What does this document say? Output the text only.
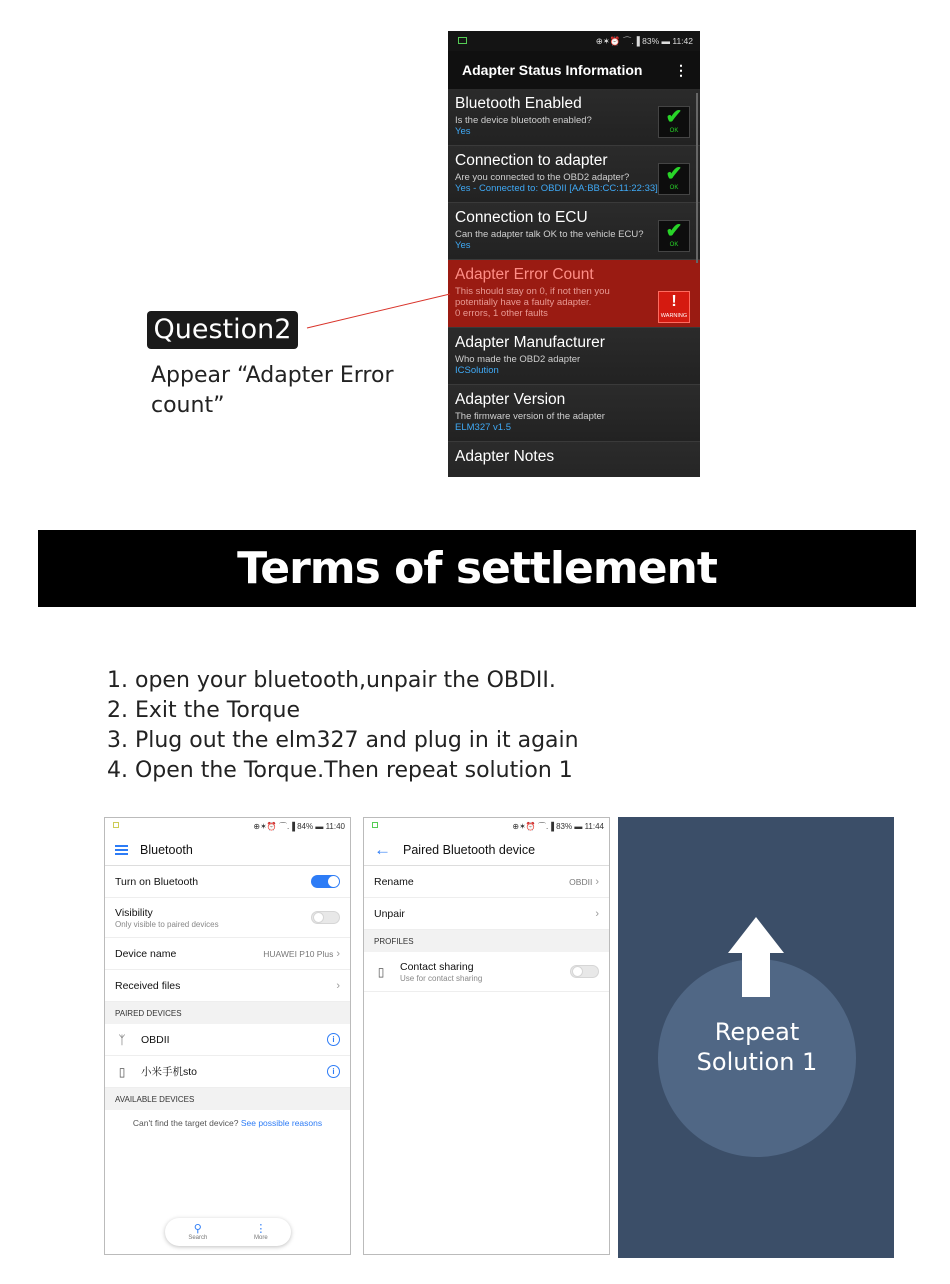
⊕✶⏰ ⌒.▐ 83% ▬ 11:42
Adapter Status Information ⋮
Bluetooth Enabled
Is the device bluetooth enabled?
Yes
✔
OK
Connection to adapter
Are you connected to the OBD2 adapter?
Yes - Connected to: OBDII [AA:BB:CC:11:22:33]
✔
OK
Connection to ECU
Can the adapter talk OK to the vehicle ECU?
Yes
✔
OK
Adapter Error Count
This should stay on 0, if not then you potentially have a faulty adapter.
0 errors, 1 other faults
!
WARNING
Adapter Manufacturer
Who made the OBD2 adapter
ICSolution
Adapter Version
The firmware version of the adapter
ELM327 v1.5
Adapter Notes
Question2
Appear “Adapter Error count”
Terms of settlement
1. open your bluetooth,unpair the OBDII.
2. Exit the Torque
3. Plug out the elm327 and plug in it again
4. Open the Torque.Then repeat solution 1
⊕✶⏰ ⌒.▐ 84% ▬ 11:40
Bluetooth
Turn on Bluetooth
Visibility
Only visible to paired devices
Device name	HUAWEI P10 Plus ›
Received files	›
PAIRED DEVICES
ᛉ	OBDII	i
▯	小米手机sto	i
AVAILABLE DEVICES
Can't find the target device? See possible reasons
⚲
Search
⋮
More
⊕✶⏰ ⌒.▐ 83% ▬ 11:44
← Paired Bluetooth device
Rename	OBDII ›
Unpair	›
PROFILES
▯	Contact sharing
Use for contact sharing
Repeat
Solution 1
